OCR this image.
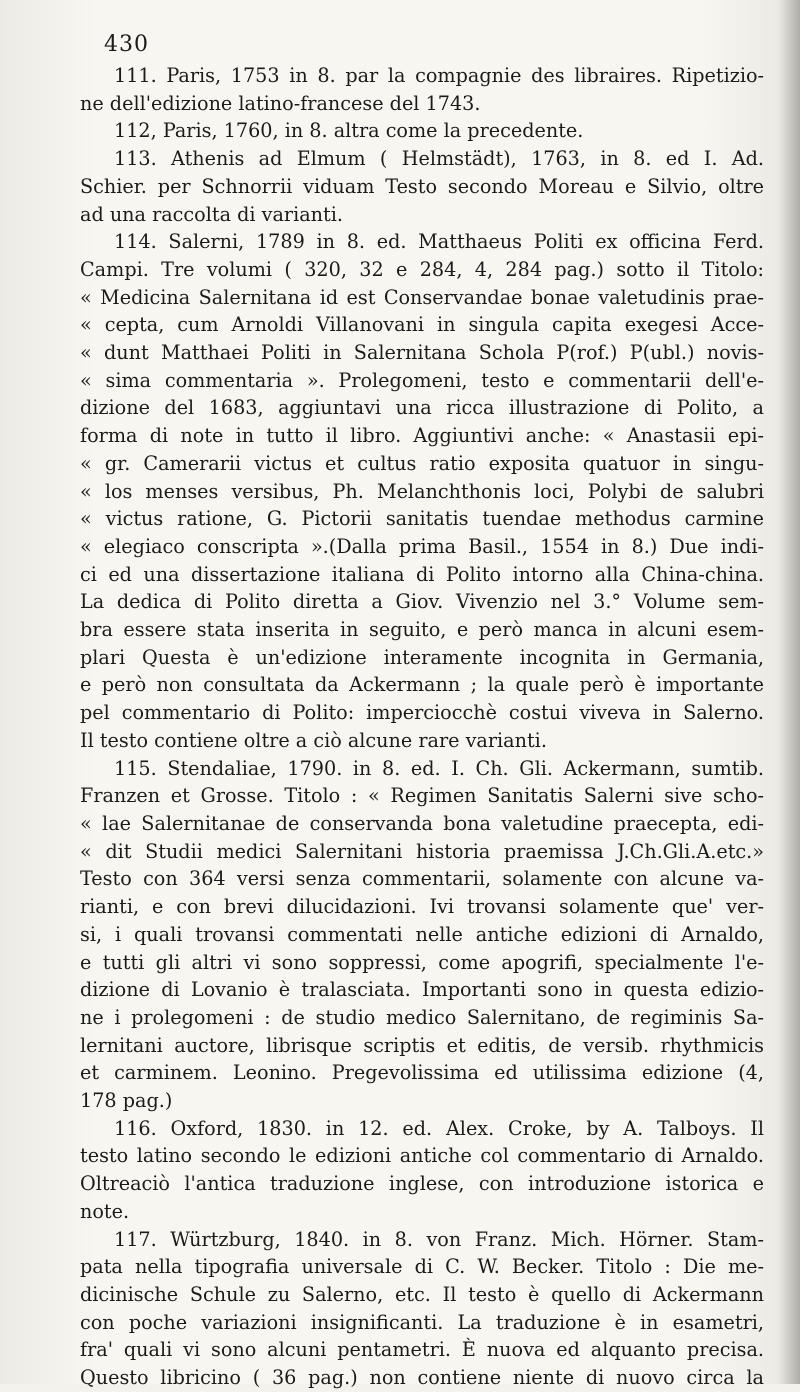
430
111. Paris, 1753 in 8. par la compagnie des libraires. Ripetizio-
ne dell'edizione latino-francese del 1743.
112, Paris, 1760, in 8. altra come la precedente.
113. Athenis ad Elmum ( Helmstädt), 1763, in 8. ed I. Ad.
Schier. per Schnorrii viduam Testo secondo Moreau e Silvio, oltre
ad una raccolta di varianti.
114. Salerni, 1789 in 8. ed. Matthaeus Politi ex officina Ferd.
Campi. Tre volumi ( 320, 32 e 284, 4, 284 pag.) sotto il Titolo:
« Medicina Salernitana id est Conservandae bonae valetudinis prae-
« cepta, cum Arnoldi Villanovani in singula capita exegesi Acce-
« dunt Matthaei Politi in Salernitana Schola P(rof.) P(ubl.) novis-
« sima commentaria ». Prolegomeni, testo e commentarii dell'e-
dizione del 1683, aggiuntavi una ricca illustrazione di Polito, a
forma di note in tutto il libro. Aggiuntivi anche: « Anastasii epi-
« gr. Camerarii victus et cultus ratio exposita quatuor in singu-
« los menses versibus, Ph. Melanchthonis loci, Polybi de salubri
« victus ratione, G. Pictorii sanitatis tuendae methodus carmine
« elegiaco conscripta ».(Dalla prima Basil., 1554 in 8.) Due indi-
ci ed una dissertazione italiana di Polito intorno alla China-china.
La dedica di Polito diretta a Giov. Vivenzio nel 3.° Volume sem-
bra essere stata inserita in seguito, e però manca in alcuni esem-
plari Questa è un'edizione interamente incognita in Germania,
e però non consultata da Ackermann ; la quale però è importante
pel commentario di Polito: imperciocchè costui viveva in Salerno.
Il testo contiene oltre a ciò alcune rare varianti.
115. Stendaliae, 1790. in 8. ed. I. Ch. Gli. Ackermann, sumtib.
Franzen et Grosse. Titolo : « Regimen Sanitatis Salerni sive scho-
« lae Salernitanae de conservanda bona valetudine praecepta, edi-
« dit Studii medici Salernitani historia praemissa J.Ch.Gli.A.etc.»
Testo con 364 versi senza commentarii, solamente con alcune va-
rianti, e con brevi dilucidazioni. Ivi trovansi solamente que' ver-
si, i quali trovansi commentati nelle antiche edizioni di Arnaldo,
e tutti gli altri vi sono soppressi, come apogrifi, specialmente l'e-
dizione di Lovanio è tralasciata. Importanti sono in questa edizio-
ne i prolegomeni : de studio medico Salernitano, de regiminis Sa-
lernitani auctore, librisque scriptis et editis, de versib. rhythmicis
et carminem. Leonino. Pregevolissima ed utilissima edizione (4,
178 pag.)
116. Oxford, 1830. in 12. ed. Alex. Croke, by A. Talboys. Il
testo latino secondo le edizioni antiche col commentario di Arnaldo.
Oltreaciò l'antica traduzione inglese, con introduzione istorica e
note.
117. Würtzburg, 1840. in 8. von Franz. Mich. Hörner. Stam-
pata nella tipografia universale di C. W. Becker. Titolo : Die me-
dicinische Schule zu Salerno, etc. Il testo è quello di Ackermann
con poche variazioni insignificanti. La traduzione è in esametri,
fra' quali vi sono alcuni pentametri. È nuova ed alquanto precisa.
Questo libricino ( 36 pag.) non contiene niente di nuovo circa la
